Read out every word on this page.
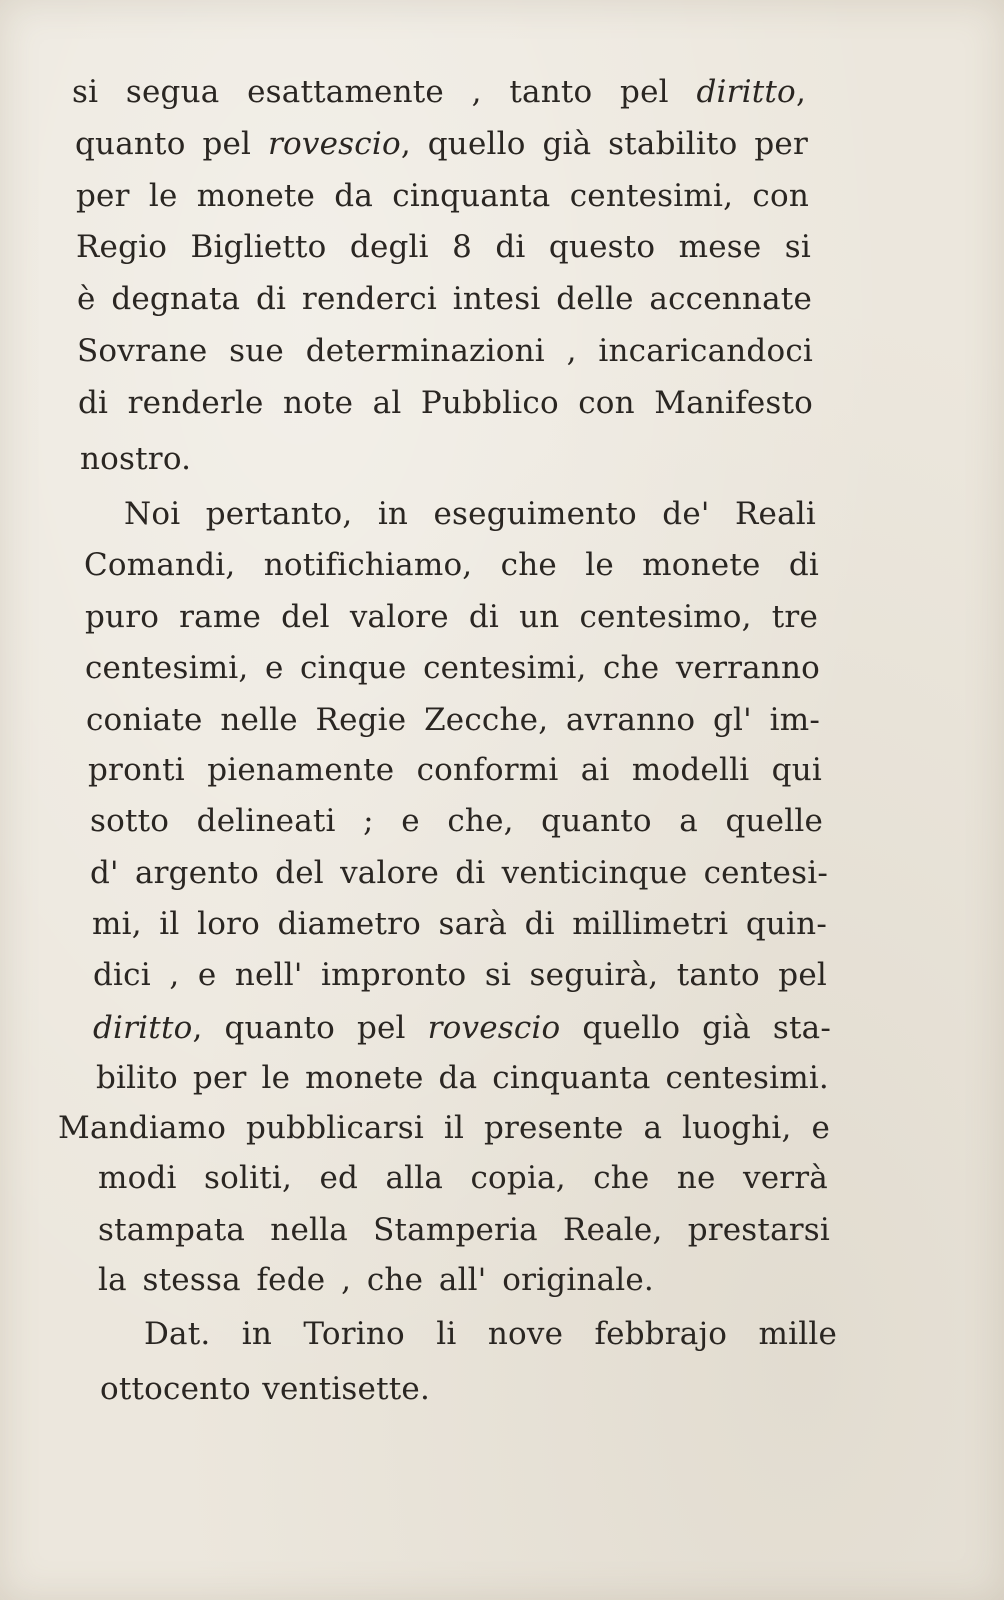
si segua esattamente , tanto pel diritto,
quanto pel rovescio, quello già stabilito per
per le monete da cinquanta centesimi, con
Regio Biglietto degli 8 di questo mese si
è degnata di renderci intesi delle accennate
Sovrane sue determinazioni , incaricandoci
di renderle note al Pubblico con Manifesto
nostro.
Noi pertanto, in eseguimento de' Reali
Comandi, notifichiamo, che le monete di
puro rame del valore di un centesimo, tre
centesimi, e cinque centesimi, che verranno
coniate nelle Regie Zecche, avranno gl' im-
pronti pienamente conformi ai modelli qui
sotto delineati ; e che, quanto a quelle
d' argento del valore di venticinque centesi-
mi, il loro diametro sarà di millimetri quin-
dici , e nell' impronto si seguirà, tanto pel
diritto, quanto pel rovescio quello già sta-
bilito per le monete da cinquanta centesimi.
Mandiamo pubblicarsi il presente a luoghi, e
modi soliti, ed alla copia, che ne verrà
stampata nella Stamperia Reale, prestarsi
la stessa fede , che all' originale.
Dat. in Torino li nove febbrajo mille
ottocento ventisette.
